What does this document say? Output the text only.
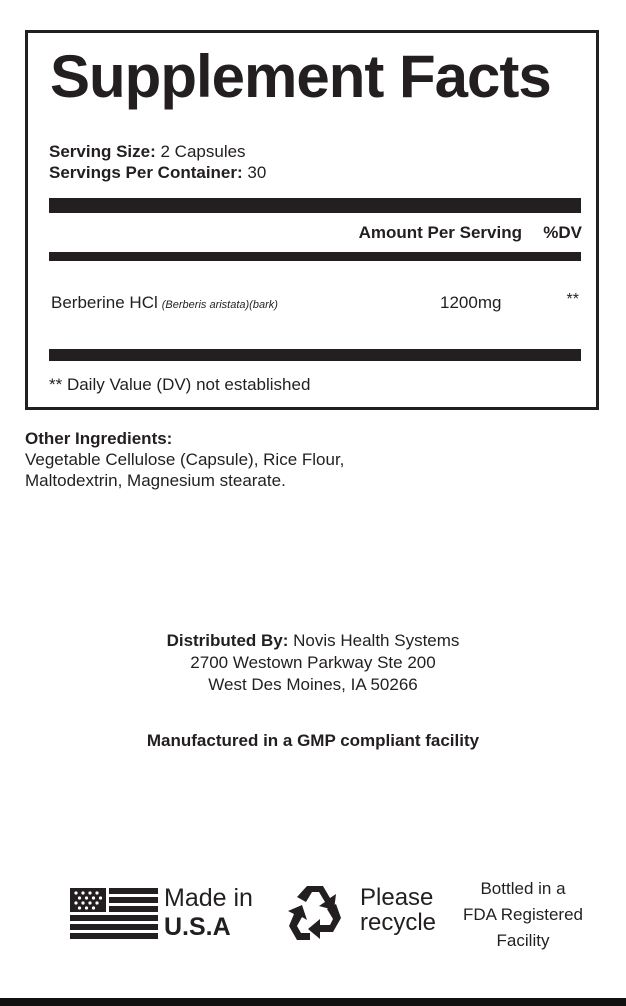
Supplement Facts
Serving Size: 2 Capsules
Servings Per Container: 30
Amount Per Serving %DV
Berberine HCl (Berberis aristata)(bark)	1200mg	**
** Daily Value (DV) not established
Other Ingredients:
Vegetable Cellulose (Capsule), Rice Flour,
Maltodextrin, Magnesium stearate.
Distributed By: Novis Health Systems
2700 Westown Parkway Ste 200
West Des Moines, IA 50266
Manufactured in a GMP compliant facility
Made in
U.S.A
Please
recycle
Bottled in a
FDA Registered
Facility
